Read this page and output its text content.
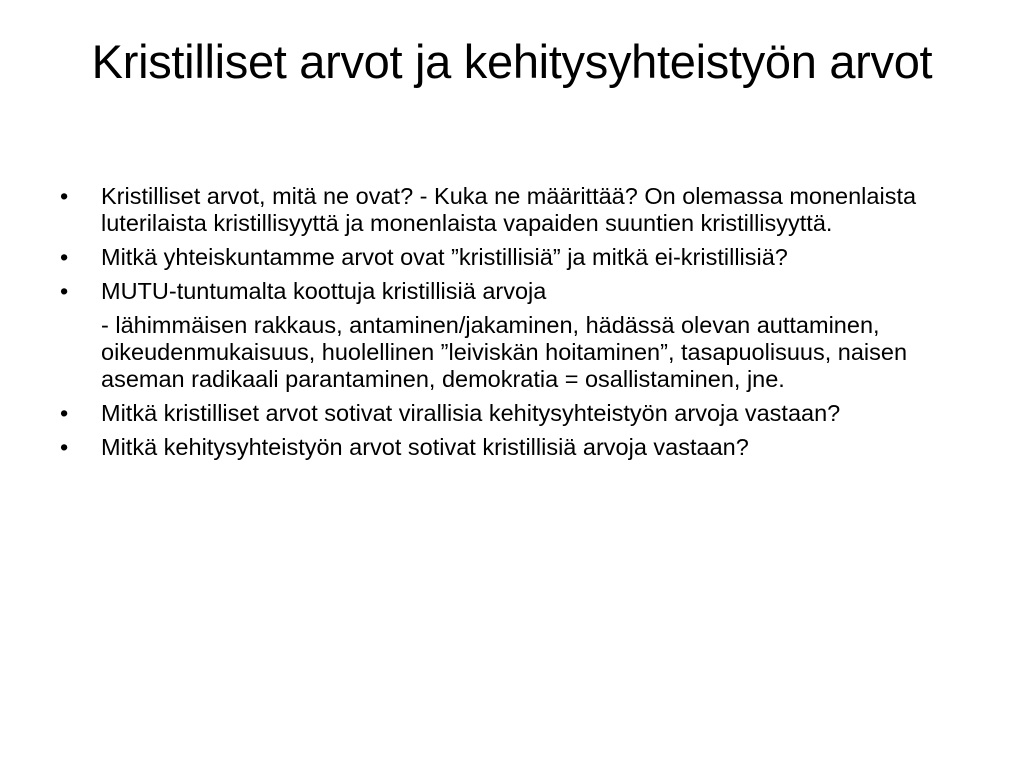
Kristilliset arvot ja kehitysyhteistyön arvot
•	Kristilliset arvot, mitä ne ovat? - Kuka ne määrittää? On olemassa monenlaista luterilaista kristillisyyttä ja monenlaista vapaiden suuntien kristillisyyttä.
•	Mitkä yhteiskuntamme arvot ovat ”kristillisiä” ja mitkä ei-kristillisiä?
•	MUTU-tuntumalta koottuja kristillisiä arvoja
- lähimmäisen rakkaus, antaminen/jakaminen, hädässä olevan auttaminen, oikeudenmukaisuus, huolellinen ”leiviskän hoitaminen”, tasapuolisuus, naisen aseman radikaali parantaminen, demokratia = osallistaminen, jne.
•	Mitkä kristilliset arvot sotivat virallisia kehitysyhteistyön arvoja vastaan?
•	Mitkä kehitysyhteistyön arvot sotivat kristillisiä arvoja vastaan?
